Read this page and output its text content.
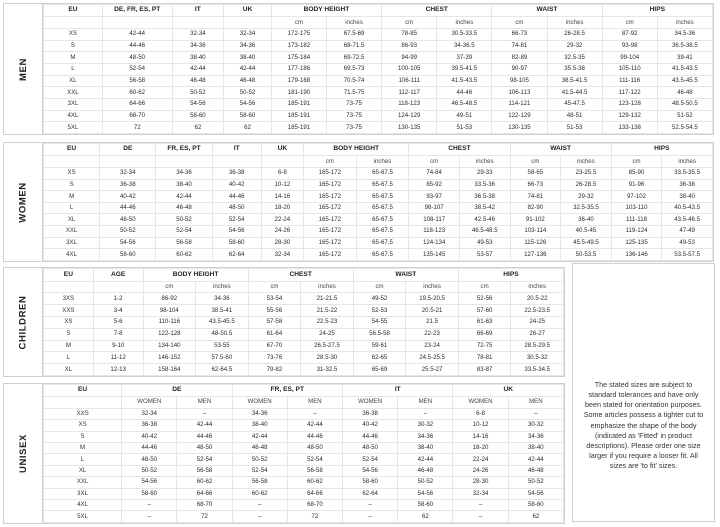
MEN
EU	DE, FR, ES, PT	IT	UK	BODY HEIGHT		CHEST		WAIST		HIPS	
				cm	inches	cm	inches	cm	inches	cm	inches
XS	42-44	32-34	32-34	172-175	67.5-69	78-85	30.5-33.5	66-73	26-28.5	87-92	34.5-36
S	44-46	34-36	34-36	173-182	68-71.5	86-93	34-36.5	74-81	29-32	93-98	36.5-38.5
M	48-50	38-40	38-40	175-184	69-72.5	94-99	37-39	82-89	32.5-35	99-104	39-41
L	52-54	42-44	42-44	177-186	69.5-73	100-105	39.5-41.5	90-97	35.5-38	105-110	41.5-43.5
XL	56-58	46-48	46-48	179-188	70.5-74	106-111	41.5-43.5	98-105	38.5-41.5	111-116	43.5-45.5
XXL	60-62	50-52	50-52	181-190	71.5-75	112-117	44-46	106-113	41.5-44.5	117-122	46-48
3XL	64-66	54-56	54-56	185-191	73-75	118-123	46.5-48.5	114-121	45-47.5	123-128	48.5-50.5
4XL	68-70	58-60	58-60	185-191	73-75	124-129	49-51	122-129	48-51	129-132	51-52
5XL	72	62	62	185-191	73-75	130-135	51-53	130-135	51-53	133-138	52.5-54.5
WOMEN
EU	DE	FR, ES, PT	IT	UK	BODY HEIGHT		CHEST		WAIST		HIPS	
					cm	inches	cm	inches	cm	inches	cm	inches
XS	32-34	34-36	36-38	6-8	165-172	65-67.5	74-84	29-33	58-65	23-25.5	85-90	33.5-35.5
S	36-38	38-40	40-42	10-12	165-172	65-67.5	85-92	33.5-36	66-73	26-28.5	91-96	36-38
M	40-42	42-44	44-46	14-16	165-172	65-67.5	93-97	36.5-38	74-81	29-32	97-102	38-40
L	44-46	46-48	48-50	18-20	165-172	65-67.5	98-107	38.5-42	82-90	32.5-35.5	103-110	40.5-43.5
XL	48-50	50-52	52-54	22-24	165-172	65-67.5	108-117	42.5-46	91-102	36-40	111-118	43.5-46.5
XXL	50-52	52-54	54-56	24-26	165-172	65-67.5	118-123	46.5-48.5	103-114	40.5-45	119-124	47-49
3XL	54-56	56-58	58-60	28-30	165-172	65-67.5	124-134	49-53	115-126	45.5-49.5	125-135	49-53
4XL	58-60	60-62	62-64	32-34	165-172	65-67.5	135-145	53-57	127-136	50-53.5	136-146	53.5-57.5
CHILDREN
EU	AGE	BODY HEIGHT		CHEST		WAIST		HIPS	
		cm	inches	cm	inches	cm	inches	cm	inches
3XS	1-2	86-92	34-36	53-54	21-21.5	49-52	19.5-20.5	52-56	20.5-22
XXS	3-4	98-104	38.5-41	55-56	21.5-22	52-53	20.5-21	57-60	22.5-23.5
XS	5-6	110-116	43.5-45.5	57-58	22.5-23	54-55	21.5	61-63	24-25
S	7-8	122-128	48-50.5	61-64	24-25	56.5-58	22-23	66-69	26-27
M	9-10	134-140	53-55	67-70	26.5-27.5	59-61	23-24	72-75	28.5-29.5
L	11-12	146-152	57.5-60	73-76	28.5-30	62-65	24.5-25.5	78-81	30.5-32
XL	12-13	158-164	62-64.5	79-82	31-32.5	65-69	25.5-27	83-87	33.5-34.5
UNISEX
EU	DE		FR, ES, PT		IT		UK	
	WOMEN	MEN	WOMEN	MEN	WOMEN	MEN	WOMEN	MEN
XXS	32-34	–	34-36	–	36-38	–	6-8	–
XS	36-38	42-44	38-40	42-44	40-42	30-32	10-12	30-32
S	40-42	44-46	42-44	44-46	44-46	34-36	14-16	34-36
M	44-46	48-50	46-48	48-50	48-50	38-40	18-20	38-40
L	48-50	52-54	50-52	52-54	52-54	42-44	22-24	42-44
XL	50-52	56-58	52-54	56-58	54-56	46-48	24-26	46-48
XXL	54-56	60-62	56-58	60-62	58-60	50-52	28-30	50-52
3XL	58-60	64-66	60-62	64-66	62-64	54-56	32-34	54-56
4XL	–	68-70	–	68-70	–	58-60	–	58-60
5XL	–	72	–	72	–	62	–	62

The stated sizes are subject to standard tolerances and have only been stated for orientation purposes. Some articles possess a tighter cut to emphasize the shape of the body (indicated as 'Fitted' in product descriptions). Please order one size larger if you require a looser fit. All sizes are 'to fit' sizes.
